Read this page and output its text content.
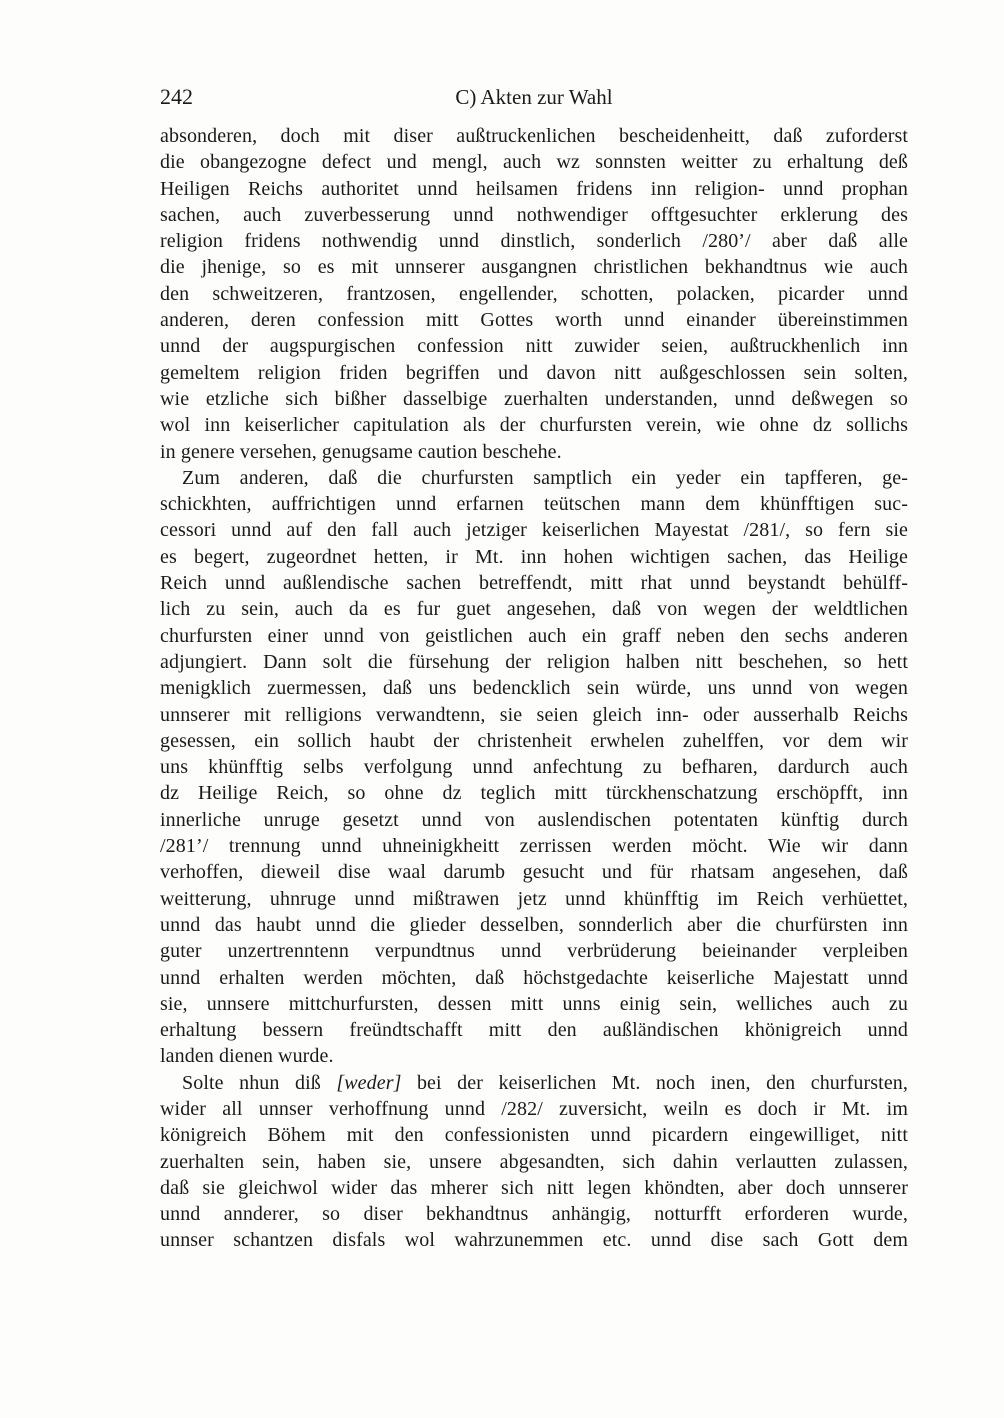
242	C) Akten zur Wahl
absonderen, doch mit diser außtruckenlichen bescheidenheitt, daß zuforderst
die obangezogne defect und mengl, auch wz sonnsten weitter zu erhaltung deß
Heiligen Reichs authoritet unnd heilsamen fridens inn religion- unnd prophan
sachen, auch zuverbesserung unnd nothwendiger offtgesuchter erklerung des
religion fridens nothwendig unnd dinstlich, sonderlich /280’/ aber daß alle
die jhenige, so es mit unnserer ausgangnen christlichen bekhandtnus wie auch
den schweitzeren, frantzosen, engellender, schotten, polacken, picarder unnd
anderen, deren confession mitt Gottes worth unnd einander übereinstimmen
unnd der augspurgischen confession nitt zuwider seien, außtruckhenlich inn
gemeltem religion friden begriffen und davon nitt außgeschlossen sein solten,
wie etzliche sich bißher dasselbige zuerhalten understanden, unnd deßwegen so
wol inn keiserlicher capitulation als der churfursten verein, wie ohne dz sollichs
in genere versehen, genugsame caution beschehe.
Zum anderen, daß die churfursten samptlich ein yeder ein tapfferen, ge-
schickhten, auffrichtigen unnd erfarnen teütschen mann dem khünfftigen suc-
cessori unnd auf den fall auch jetziger keiserlichen Mayestat /281/, so fern sie
es begert, zugeordnet hetten, ir Mt. inn hohen wichtigen sachen, das Heilige
Reich unnd außlendische sachen betreffendt, mitt rhat unnd beystandt behülff-
lich zu sein, auch da es fur guet angesehen, daß von wegen der weldtlichen
churfursten einer unnd von geistlichen auch ein graff neben den sechs anderen
adjungiert. Dann solt die fürsehung der religion halben nitt beschehen, so hett
menigklich zuermessen, daß uns bedencklich sein würde, uns unnd von wegen
unnserer mit relligions verwandtenn, sie seien gleich inn- oder ausserhalb Reichs
gesessen, ein sollich haubt der christenheit erwhelen zuhelffen, vor dem wir
uns khünfftig selbs verfolgung unnd anfechtung zu befharen, dardurch auch
dz Heilige Reich, so ohne dz teglich mitt türckhenschatzung erschöpfft, inn
innerliche unruge gesetzt unnd von auslendischen potentaten künftig durch
/281’/ trennung unnd uhneinigkheitt zerrissen werden möcht. Wie wir dann
verhoffen, dieweil dise waal darumb gesucht und für rhatsam angesehen, daß
weitterung, uhnruge unnd mißtrawen jetz unnd khünfftig im Reich verhüettet,
unnd das haubt unnd die glieder desselben, sonnderlich aber die churfürsten inn
guter unzertrenntenn verpundtnus unnd verbrüderung beieinander verpleiben
unnd erhalten werden möchten, daß höchstgedachte keiserliche Majestatt unnd
sie, unnsere mittchurfursten, dessen mitt unns einig sein, welliches auch zu
erhaltung bessern freündtschafft mitt den außländischen khönigreich unnd
landen dienen wurde.
Solte nhun diß [weder] bei der keiserlichen Mt. noch inen, den churfursten,
wider all unnser verhoffnung unnd /282/ zuversicht, weiln es doch ir Mt. im
königreich Böhem mit den confessionisten unnd picardern eingewilliget, nitt
zuerhalten sein, haben sie, unsere abgesandten, sich dahin verlautten zulassen,
daß sie gleichwol wider das mherer sich nitt legen khöndten, aber doch unnserer
unnd annderer, so diser bekhandtnus anhängig, notturfft erforderen wurde,
unnser schantzen disfals wol wahrzunemmen etc. unnd dise sach Gott dem
